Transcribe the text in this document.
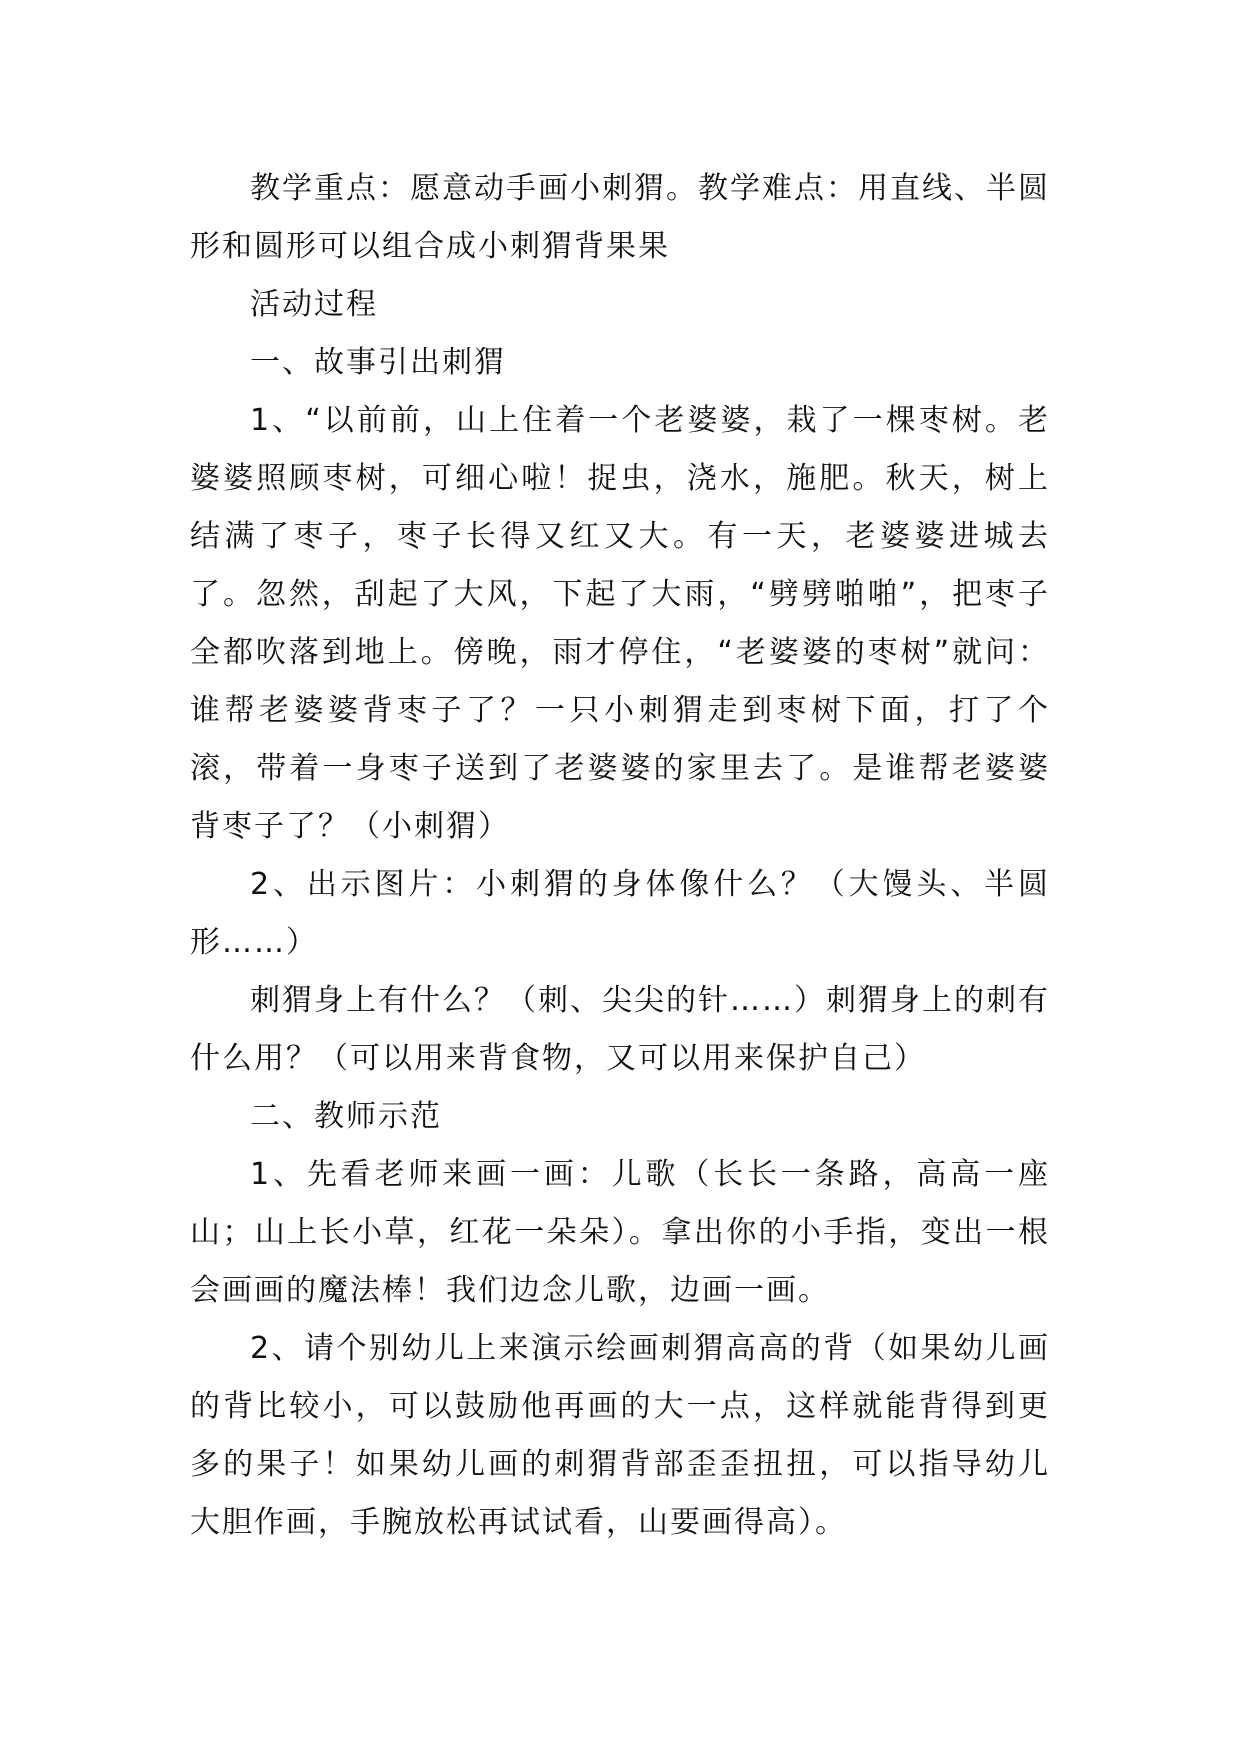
教学重点：愿意动手画小刺猬。教学难点：用直线、半圆形和圆形可以组合成小刺猬背果果

活动过程

一、故事引出刺猬

1、“以前前，山上住着一个老婆婆，栽了一棵枣树。老婆婆照顾枣树，可细心啦！捉虫，浇水，施肥。秋天，树上结满了枣子，枣子长得又红又大。有一天，老婆婆进城去了。忽然，刮起了大风，下起了大雨，“劈劈啪啪”，把枣子全都吹落到地上。傍晚，雨才停住，“老婆婆的枣树”就问：谁帮老婆婆背枣子了？一只小刺猬走到枣树下面，打了个滚，带着一身枣子送到了老婆婆的家里去了。是谁帮老婆婆背枣子了？（小刺猬）

2、出示图片：小刺猬的身体像什么？（大馒头、半圆形……）

刺猬身上有什么？（刺、尖尖的针……）刺猬身上的刺有什么用？（可以用来背食物，又可以用来保护自己）

二、教师示范

1、先看老师来画一画：儿歌（长长一条路，高高一座山；山上长小草，红花一朵朵）。拿出你的小手指，变出一根会画画的魔法棒！我们边念儿歌，边画一画。

2、请个别幼儿上来演示绘画刺猬高高的背（如果幼儿画的背比较小，可以鼓励他再画的大一点，这样就能背得到更多的果子！如果幼儿画的刺猬背部歪歪扭扭，可以指导幼儿大胆作画，手腕放松再试试看，山要画得高）。
